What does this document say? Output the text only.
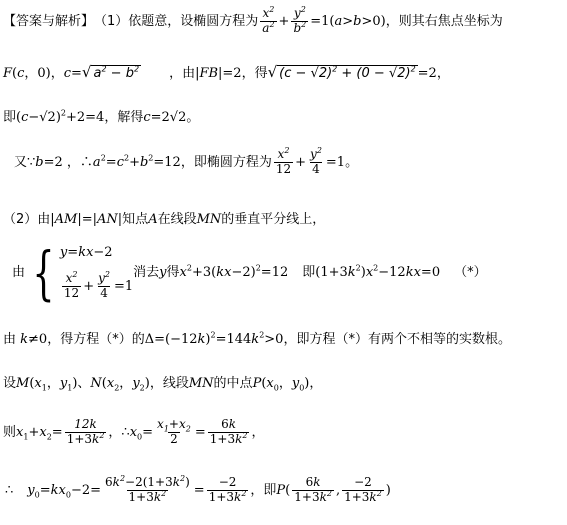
【答案与解析】 （1）依题意，设椭圆方程为 $\frac{x^2}{a^2} + \frac{y^2}{b^2} =1$( a > b >0) ，则其右焦点坐标为
F ( c ，0)， c = √ $a^2 - b^2$ ，由| FB |=2 ，得 √ $(c - √2)^2 + (0 - √2)^2 =2$，
即 ( c −√2)$^2$+2=4 ，解得 c =2√2 。
又 ∵ b =2 ，∴ a $^2$= c $^2$+ b $^2$=12 ，即椭圆方程为 $\frac{x^2}{12} + \frac{y^2}{4} =1$ 。
（2）由| AM |=| AN | 知点 A 在线段 MN 的垂直平分线上，
由 { y=kx−2
$\frac{x^2}{12} + \frac{y^2}{4} =1$
消去 y 得 x $^2$+3( kx −2)$^2$=12 即 (1+3 k $^2$) x $^2$−12 kx =0 （*）
由 k ≠0 ，得方程（*）的 Δ=(−12 k )$^2$=144 k $^2$>0 ，即方程（*）有两个不相等的实数根。
设 M ( x $_1$， y $_1$) 、 N ( x $_2$， y $_2$) ，线段 MN 的中点 P ( x $_0$， y $_0$) ，
则 x $_1$+ x $_2= \frac{12k}{1+3k^2}$ ， ∴ x $_0= \frac{x_1+x_2}{2} = \frac{6k}{1+3k^2}$ ，
∴ y $_0$= kx $_0-2= \frac{6k^2-2(1+3k^2)}{1+3k^2} = \frac{-2}{1+3k^2}$ ，即 P ( $\frac{6k}{1+3k^2}$ , $\frac{-2}{1+3k^2}$ )
